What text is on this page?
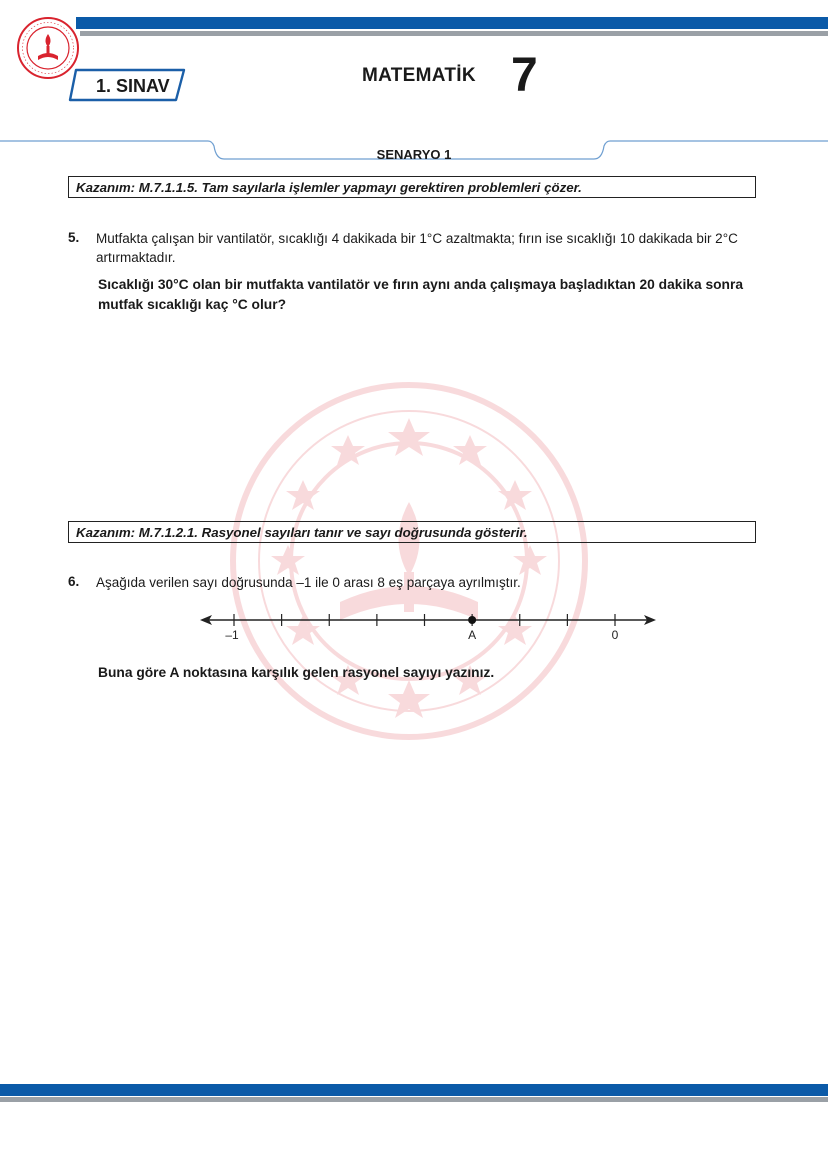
1. SINAV	MATEMATİK 7
SENARYO 1
Kazanım: M.7.1.1.5. Tam sayılarla işlemler yapmayı gerektiren problemleri çözer.
5. Mutfakta çalışan bir vantilatör, sıcaklığı 4 dakikada bir 1°C azaltmakta; fırın ise sıcaklığı 10 dakikada bir 2°C
artırmaktadır.
Sıcaklığı 30°C olan bir mutfakta vantilatör ve fırın aynı anda çalışmaya başladıktan 20 dakika sonra
mutfak sıcaklığı kaç °C olur?
Kazanım: M.7.1.2.1. Rasyonel sayıları tanır ve sayı doğrusunda gösterir.
6. Aşağıda verilen sayı doğrusunda –1 ile 0 arası 8 eş parçaya ayrılmıştır.
–1	A	0
Buna göre A noktasına karşılık gelen rasyonel sayıyı yazınız.
